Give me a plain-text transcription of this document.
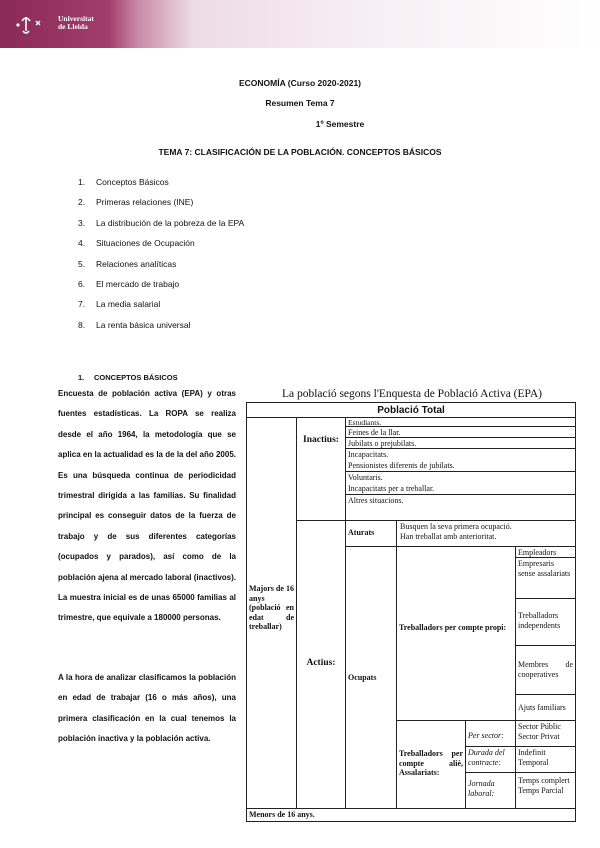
Universitat
de Lleida
ECONOMÍA (Curso 2020-2021)
Resumen Tema 7
1º Semestre
TEMA 7: CLASIFICACIÓN DE LA POBLACIÓN. CONCEPTOS BÁSICOS
1. Conceptos Básicos
2. Primeras relaciones (INE)
3. La distribución de la pobreza de la EPA
4. Situaciones de Ocupación
5. Relaciones analíticas
6. El mercado de trabajo
7. La media salarial
8. La renta básica universal
1. CONCEPTOS BÁSICOS
Encuesta de población activa (EPA) y otras fuentes estadísticas. La ROPA se realiza desde el año 1964, la metodología que se aplica en la actualidad es la de la del año 2005. Es una búsqueda continua de periodicidad trimestral dirigida a las familias. Su finalidad principal es conseguir datos de la fuerza de trabajo y de sus diferentes categorías (ocupados y parados), así como de la población ajena al mercado laboral (inactivos). La muestra inicial es de unas 65000 familias al trimestre, que equivale a 180000 personas.
A la hora de analizar clasificamos la población en edad de trabajar (16 o más años), una primera clasificación en la cual tenemos la población inactiva y la población activa.
La població segons l'Enquesta de Població Activa (EPA)
Població Total
Majors de 16 anys (població en edat de treballar)
Inactius:
Estudiants.
Feines de la llar.
Jubilats o prejubilats.
Incapacitats.
Pensionistes diferents de jubilats.
Voluntaris.
Incapacitats per a treballar.
Altres situacions.
Actius:
Aturats
Busquen la seva primera ocupació.
Han treballat amb anterioritat.
Ocupats
Treballadors per compte propi:
Empleadors
Empresaris sense assalariats
Treballadors independents
Membres de cooperatives
Ajuts familiars
Treballadors per compte aliè, Assalariats:
Per sector:
Sector Públic
Sector Privat
Durada del contracte:
Indefinit
Temporal
Jornada laboral:
Temps complert
Temps Parcial
Menors de 16 anys.
